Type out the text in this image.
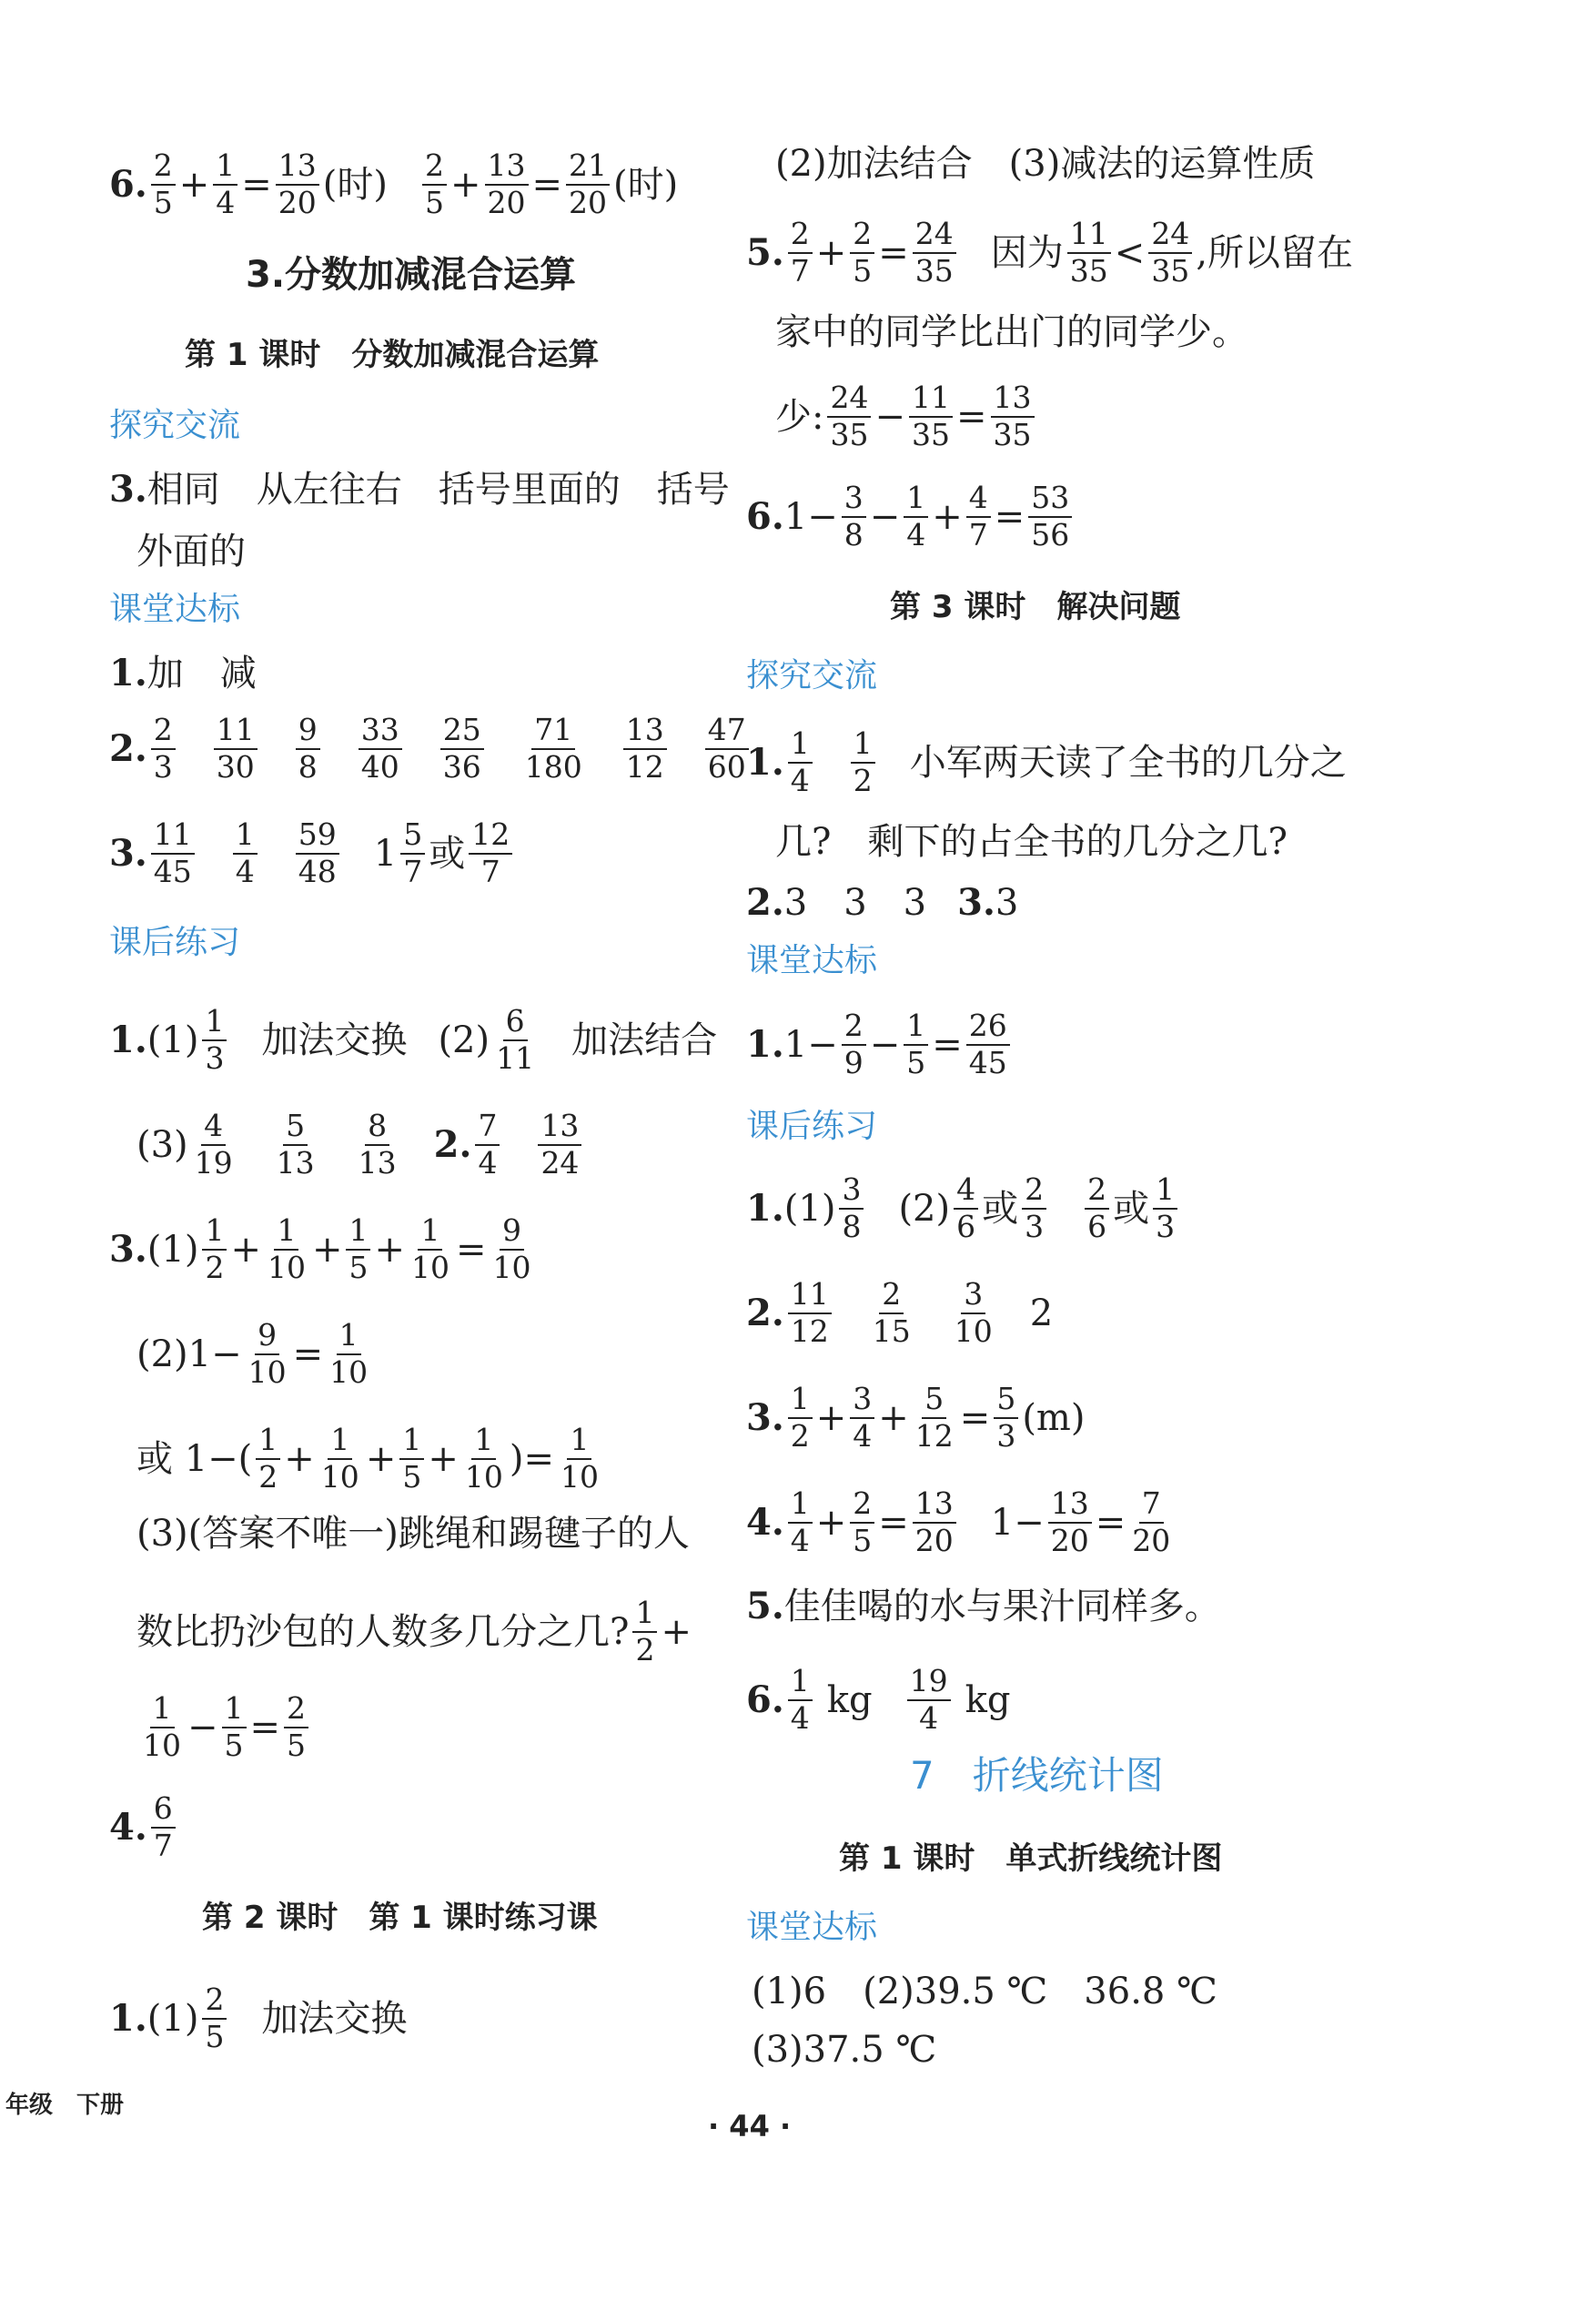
6. $\frac{2}{5} + \frac{1}{4} = \frac{13}{20}$ (时) $\frac{2}{5} + \frac{13}{20} = \frac{21}{20}$ (时)
3.分数加减混合运算
第 1 课时　分数加减混合运算
探究交流
3. 相同　从左往右　括号里面的　括号
外面的
课堂达标
1. 加　减
2. $\frac{2}{3} \frac{11}{30} \frac{9}{8} \frac{33}{40} \frac{25}{36} \frac{71}{180} \frac{13}{12} \frac{47}{60}$
3. $\frac{11}{45} \frac{1}{4} \frac{59}{48} 1 \frac{5}{7}$ 或 $\frac{12}{7}$
课后练习
1. $(1) \frac{1}{3}$ 加法交换 $(2) \frac{6}{11}$ 加法结合
$(3) \frac{4}{19} \frac{5}{13} \frac{8}{13} 2$. $\frac{7}{4} \frac{13}{24}$
3. $(1) \frac{1}{2} + \frac{1}{10} + \frac{1}{5} + \frac{1}{10} = \frac{9}{10}$
$(2)1- \frac{9}{10} = \frac{1}{10}$
或 $1-( \frac{1}{2} + \frac{1}{10} + \frac{1}{5} + \frac{1}{10}$ )= $\frac{1}{10}$
(3)(答案不唯一)跳绳和踢毽子的人
数比扔沙包的人数多几分之几? $\frac{1}{2}$ +
$\frac{1}{10} - \frac{1}{5} = \frac{2}{5}$
4. $\frac{6}{7}$
第 2 课时　第 1 课时练习课
1. $(1) \frac{2}{5}$ 加法交换
(2)加法结合　(3)减法的运算性质
5. $\frac{2}{7} + \frac{2}{5} = \frac{24}{35}$ 因为 $\frac{11}{35} < \frac{24}{35}$ ,所以留在
家中的同学比出门的同学少。
少: $\frac{24}{35} - \frac{11}{35} = \frac{13}{35}$
6. $1- \frac{3}{8} - \frac{1}{4} + \frac{4}{7} = \frac{53}{56}$
第 3 课时　解决问题
探究交流
1. $\frac{1}{4} \frac{1}{2}$ 小军两天读了全书的几分之
几?　剩下的占全书的几分之几?
2. 3　3　3 3. 3
课堂达标
1. $1- \frac{2}{9} - \frac{1}{5} = \frac{26}{45}$
课后练习
1. $(1) \frac{3}{8} (2) \frac{4}{6}$ 或 $\frac{2}{3} \frac{2}{6}$ 或 $\frac{1}{3}$
2. $\frac{11}{12} \frac{2}{15} \frac{3}{10} 2$
3. $\frac{1}{2} + \frac{3}{4} + \frac{5}{12} = \frac{5}{3} (m)$
4. $\frac{1}{4} + \frac{2}{5} = \frac{13}{20} 1- \frac{13}{20} = \frac{7}{20}$
5. 佳佳喝的水与果汁同样多。
6. $\frac{1}{4}$ kg $\frac{19}{4}$ kg
7　折线统计图
第 1 课时　单式折线统计图
课堂达标
(1)6　(2)39.5 ℃　36.8 ℃
(3)37.5 ℃
年级　下册
· 44 ·
